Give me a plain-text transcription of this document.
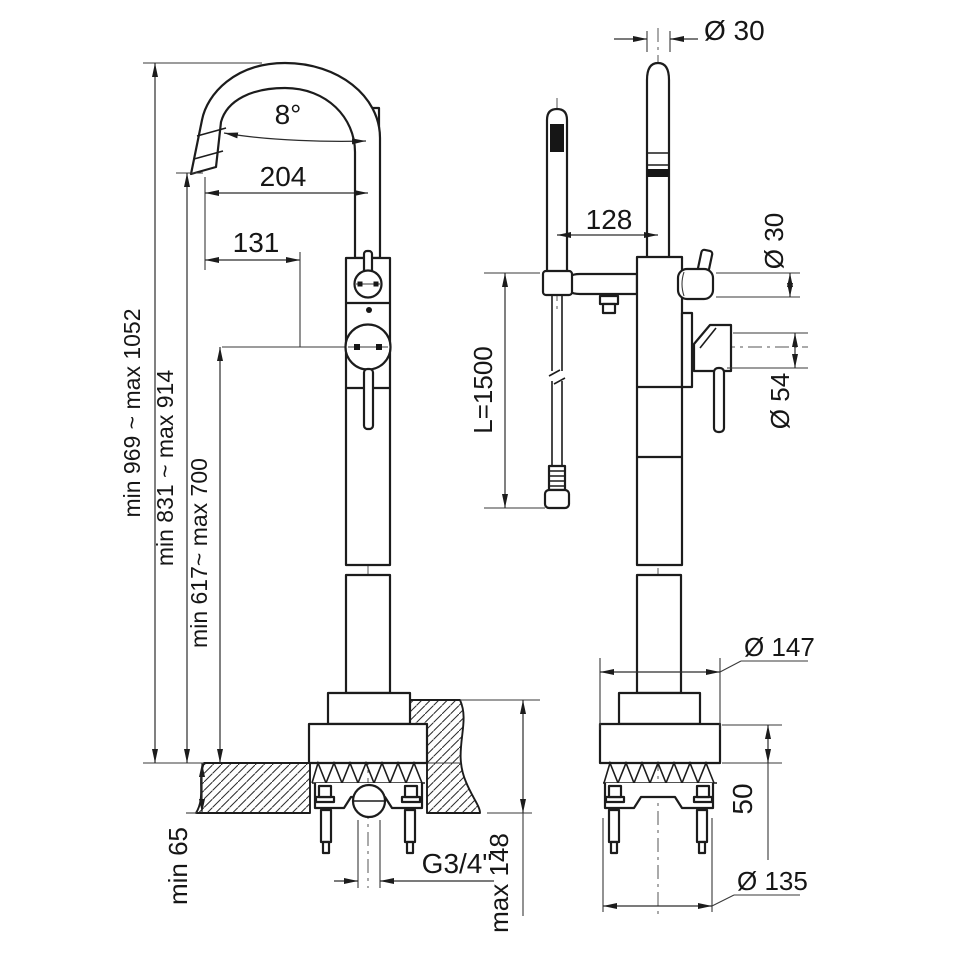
8°
204
131
min 969 ~ max 1052 min 831 ~ max 914 min 617~ max 700
min 65	max 148
G3/4"
Ø 30
128	Ø 30
Ø 54
L=1500
Ø 147
50
Ø 135
